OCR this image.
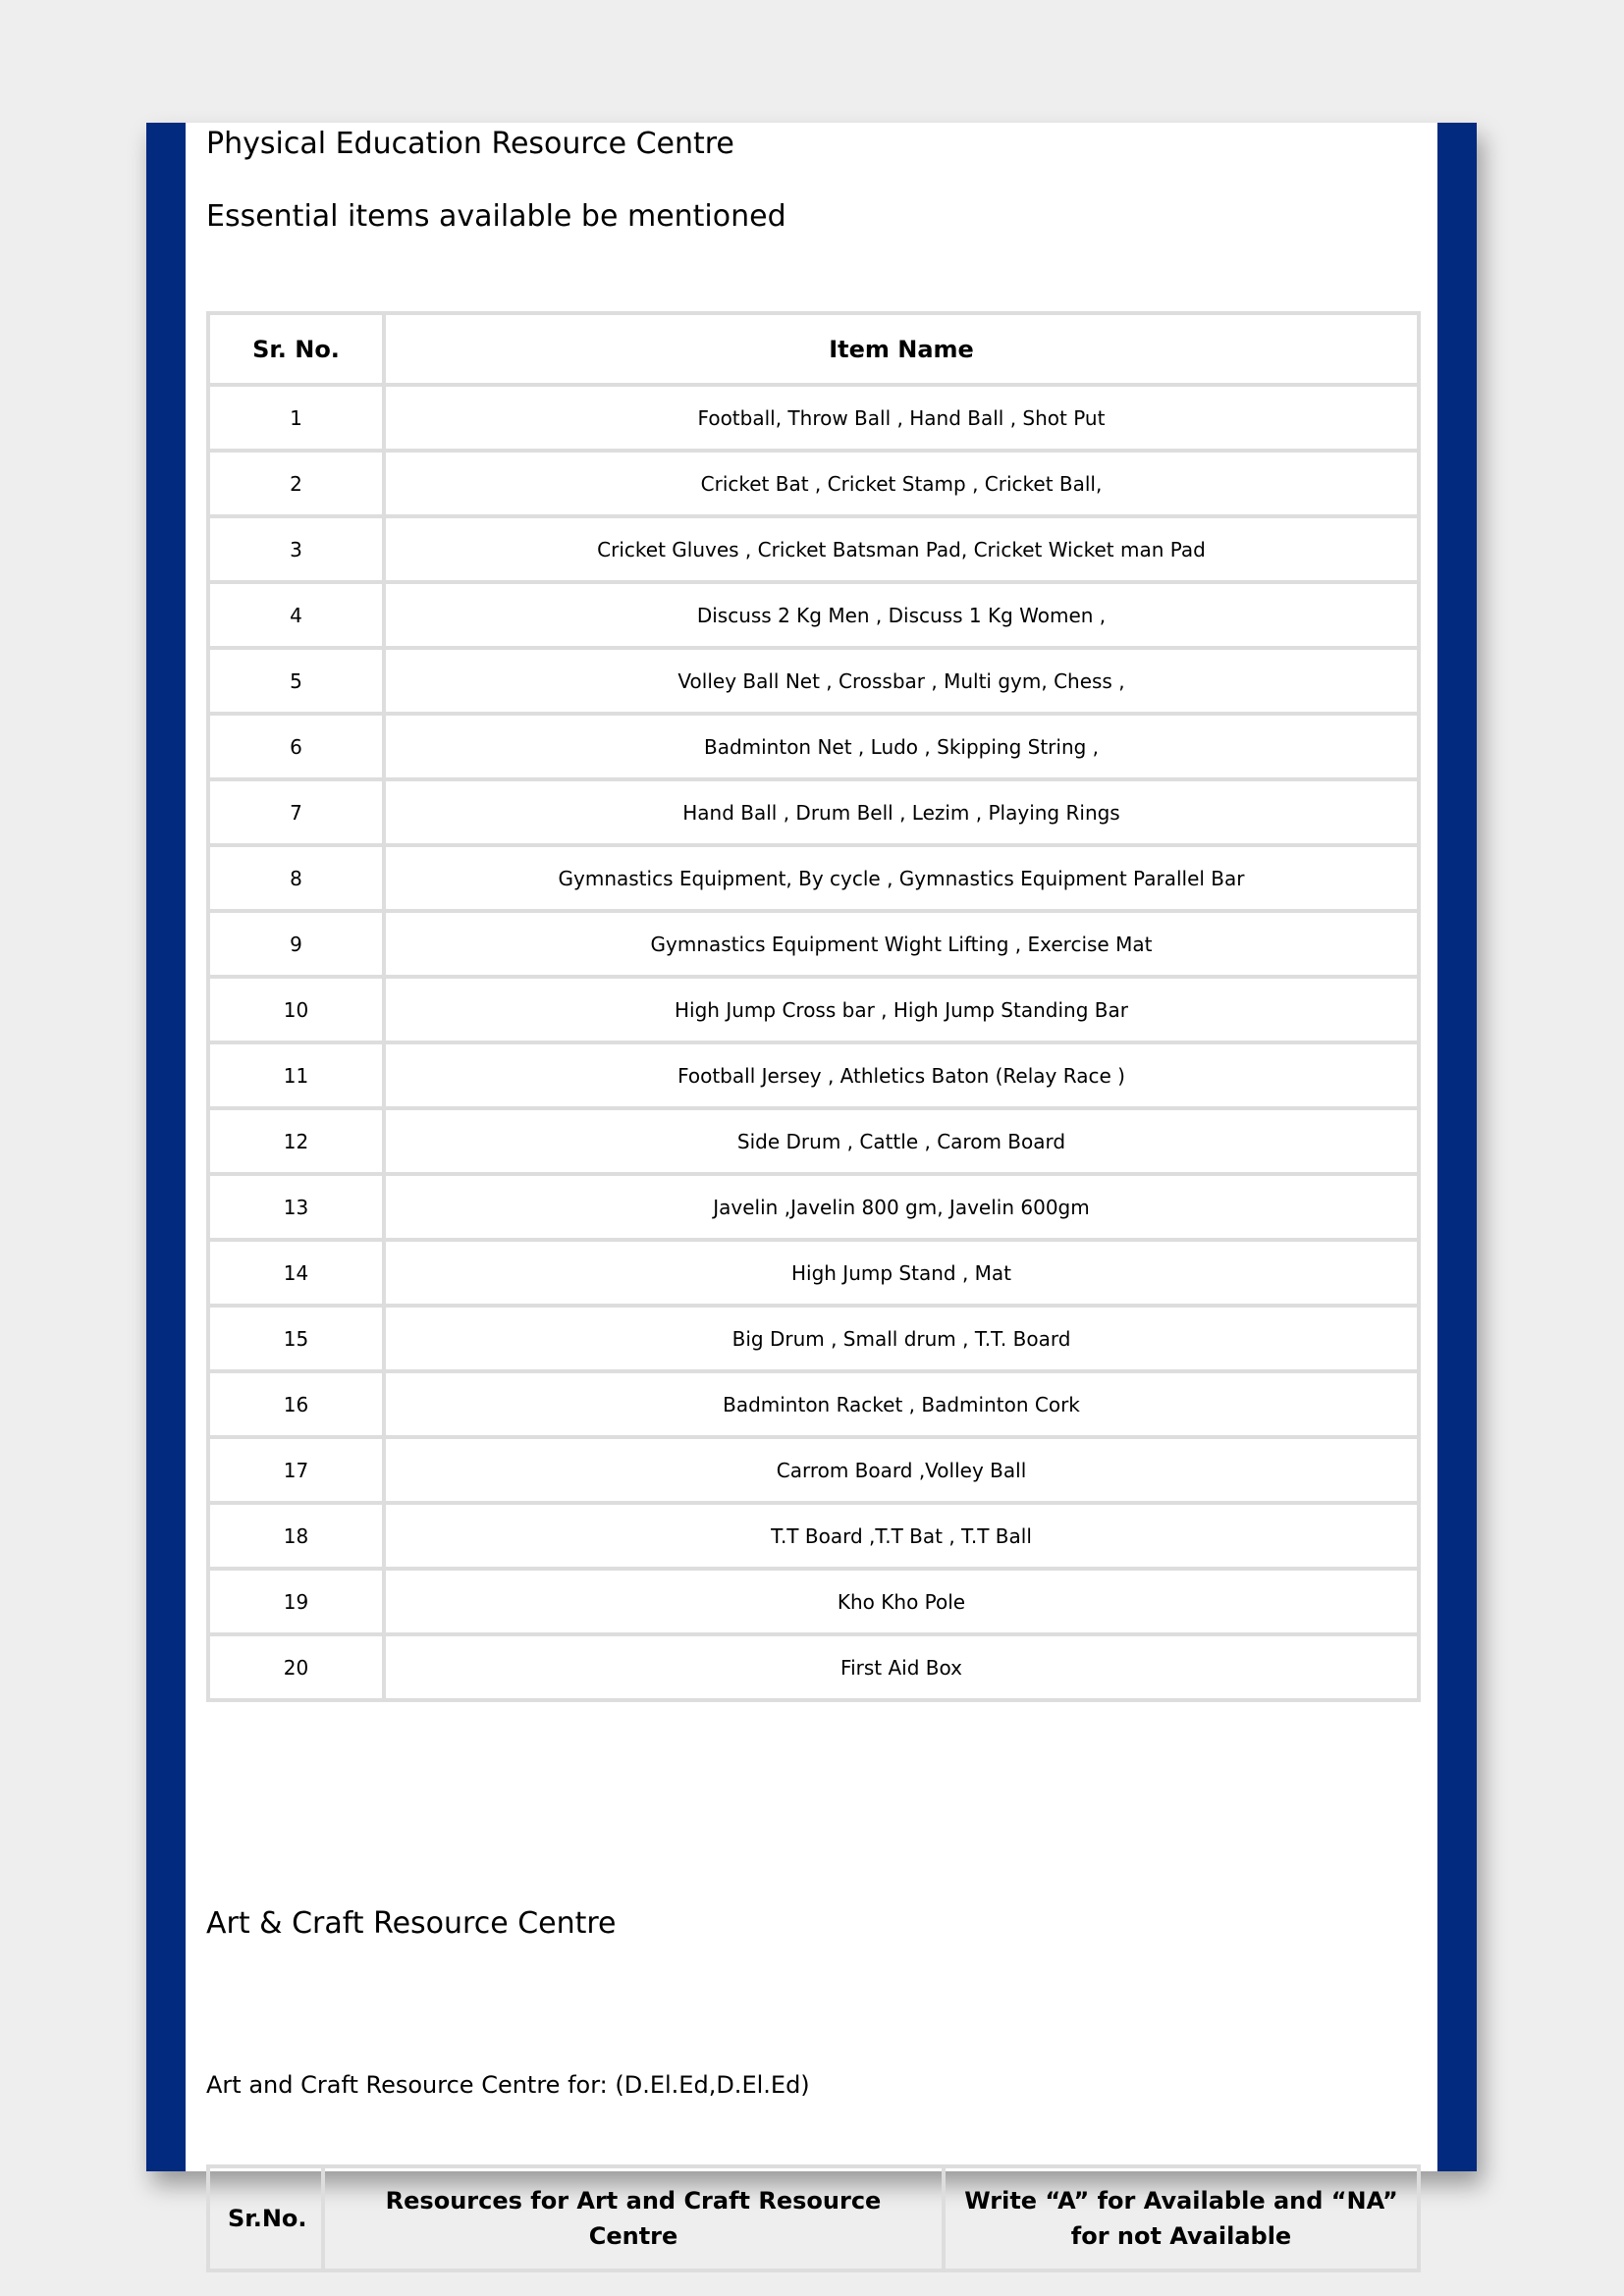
Physical Education Resource Centre
Essential items available be mentioned
Sr. No.	Item Name
1	Football, Throw Ball , Hand Ball , Shot Put
2	Cricket Bat , Cricket Stamp , Cricket Ball,
3	Cricket Gluves , Cricket Batsman Pad, Cricket Wicket man Pad
4	Discuss 2 Kg Men , Discuss 1 Kg Women ,
5	Volley Ball Net , Crossbar , Multi gym, Chess ,
6	Badminton Net , Ludo , Skipping String ,
7	Hand Ball , Drum Bell , Lezim , Playing Rings
8	Gymnastics Equipment, By cycle , Gymnastics Equipment Parallel Bar
9	Gymnastics Equipment Wight Lifting , Exercise Mat
10	High Jump Cross bar , High Jump Standing Bar
11	Football Jersey , Athletics Baton (Relay Race )
12	Side Drum , Cattle , Carom Board
13	Javelin ,Javelin 800 gm, Javelin 600gm
14	High Jump Stand , Mat
15	Big Drum , Small drum , T.T. Board
16	Badminton Racket , Badminton Cork
17	Carrom Board ,Volley Ball
18	T.T Board ,T.T Bat , T.T Ball
19	Kho Kho Pole
20	First Aid Box
Art & Craft Resource Centre
Art and Craft Resource Centre for: (D.El.Ed,D.El.Ed)
Sr.No.	Resources for Art and Craft Resource Centre	Write “A” for Available and “NA” for not Available
